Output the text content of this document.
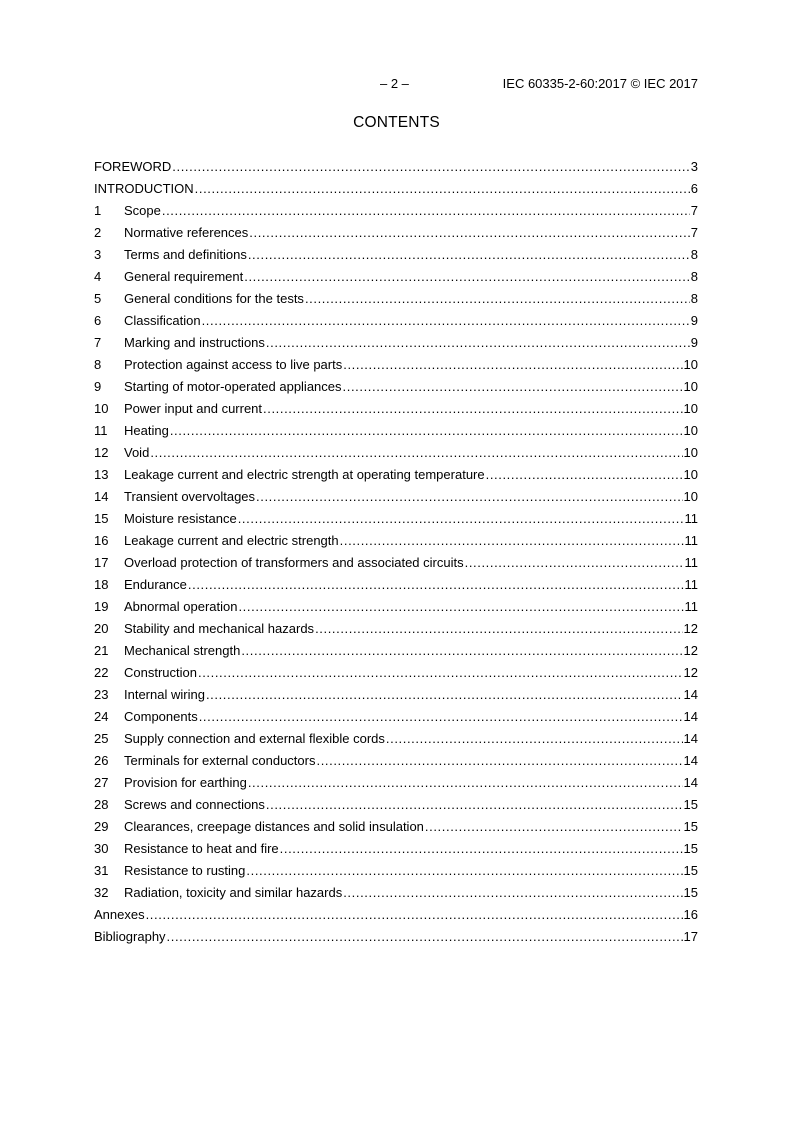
– 2 –	IEC 60335-2-60:2017 © IEC 2017
CONTENTS
FOREWORD .....	3
INTRODUCTION .....	6
1	Scope .....	7
2	Normative references .....	7
3	Terms and definitions .....	8
4	General requirement .....	8
5	General conditions for the tests .....	8
6	Classification .....	9
7	Marking and instructions .....	9
8	Protection against access to live parts .....	10
9	Starting of motor-operated appliances .....	10
10	Power input and current .....	10
11	Heating .....	10
12	Void .....	10
13	Leakage current and electric strength at operating temperature .....	10
14	Transient overvoltages .....	10
15	Moisture resistance .....	11
16	Leakage current and electric strength .....	11
17	Overload protection of transformers and associated circuits .....	11
18	Endurance .....	11
19	Abnormal operation .....	11
20	Stability and mechanical hazards .....	12
21	Mechanical strength .....	12
22	Construction .....	12
23	Internal wiring .....	14
24	Components .....	14
25	Supply connection and external flexible cords .....	14
26	Terminals for external conductors .....	14
27	Provision for earthing .....	14
28	Screws and connections .....	15
29	Clearances, creepage distances and solid insulation .....	15
30	Resistance to heat and fire .....	15
31	Resistance to rusting .....	15
32	Radiation, toxicity and similar hazards .....	15
Annexes .....	16
Bibliography .....	17
